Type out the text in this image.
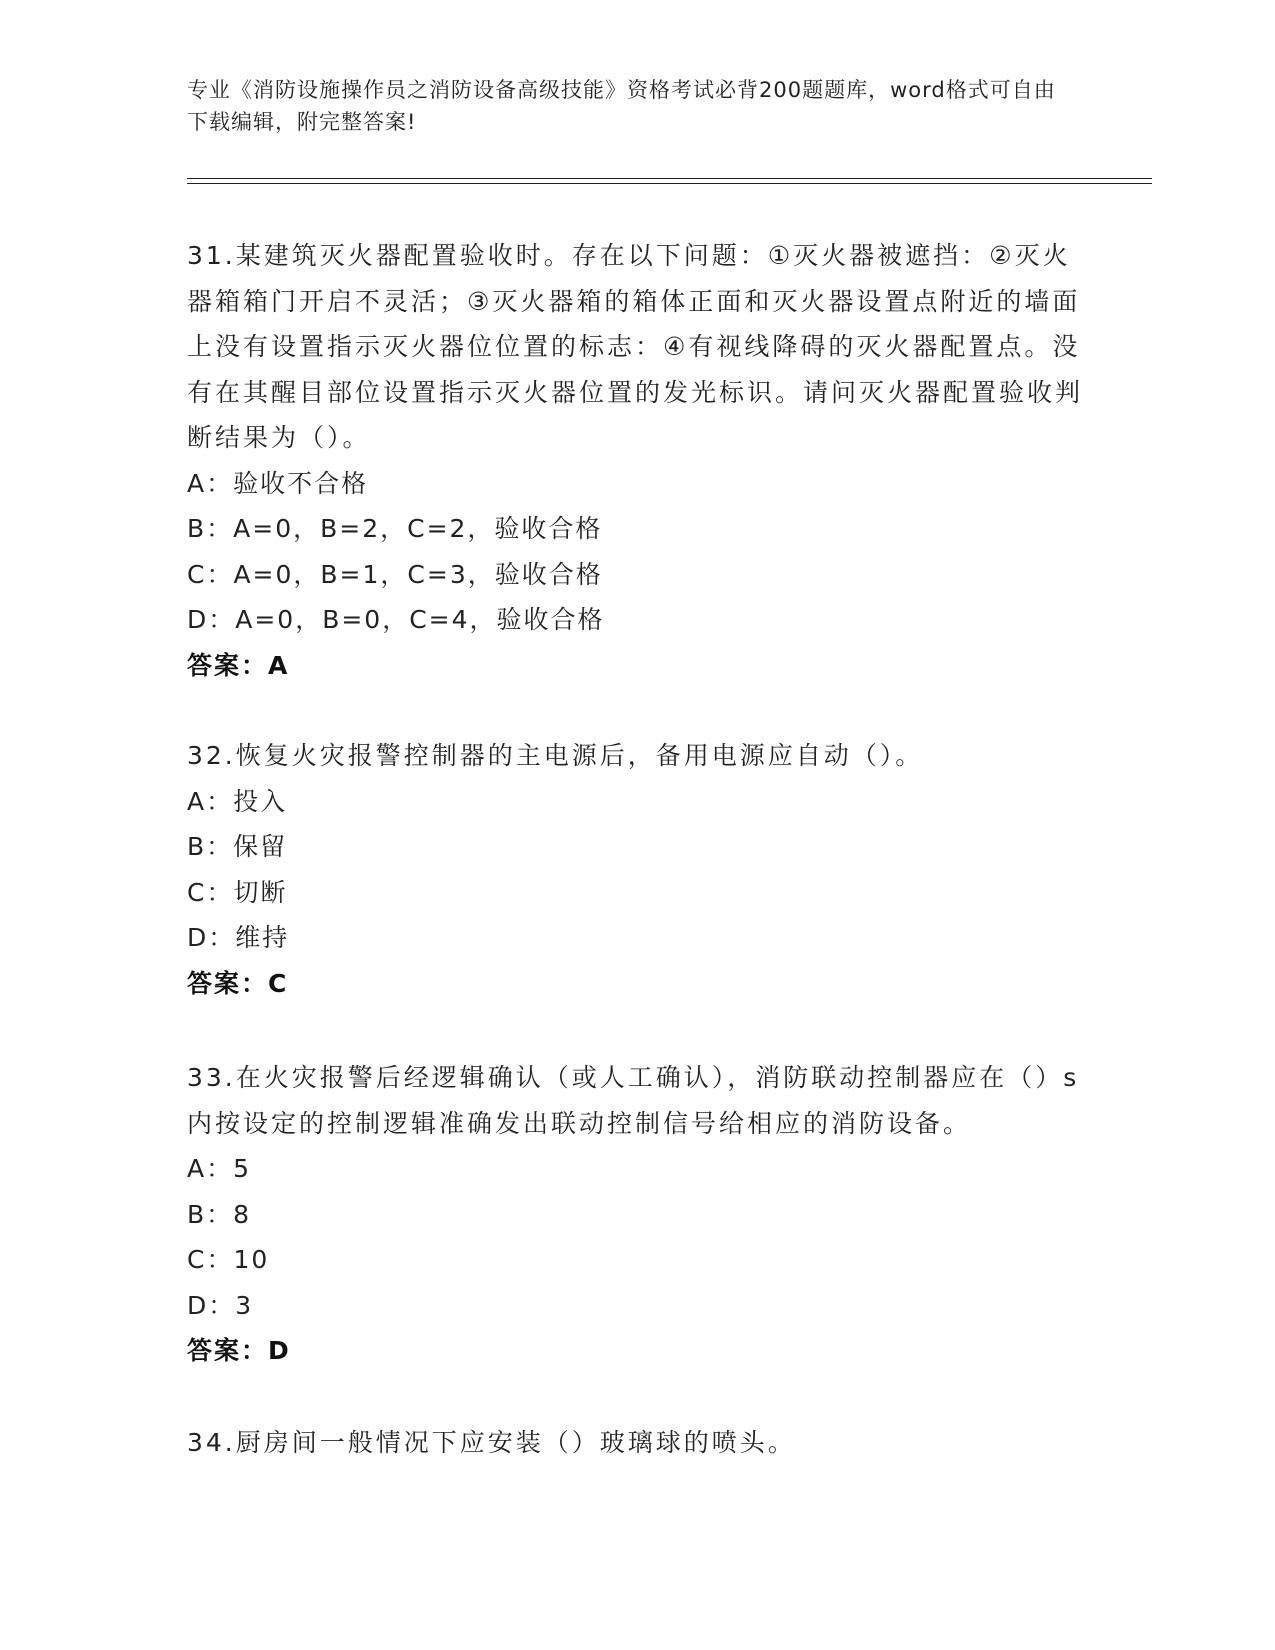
专业《消防设施操作员之消防设备高级技能》资格考试必背200题题库，word格式可自由下载编辑，附完整答案!
31.某建筑灭火器配置验收时。存在以下问题：①灭火器被遮挡：②灭火器箱箱门开启不灵活；③灭火器箱的箱体正面和灭火器设置点附近的墙面上没有设置指示灭火器位位置的标志：④有视线降碍的灭火器配置点。没有在其醒目部位设置指示灭火器位置的发光标识。请问灭火器配置验收判断结果为（）。
A：验收不合格
B：A=0，B=2，C=2，验收合格
C：A=0，B=1，C=3，验收合格
D：A=0，B=0，C=4，验收合格
答案：A
32.恢复火灾报警控制器的主电源后，备用电源应自动（）。
A：投入
B：保留
C：切断
D：维持
答案：C
33.在火灾报警后经逻辑确认（或人工确认），消防联动控制器应在（）s内按设定的控制逻辑准确发出联动控制信号给相应的消防设备。
A：5
B：8
C：10
D：3
答案：D
34.厨房间一般情况下应安装（）玻璃球的喷头。
